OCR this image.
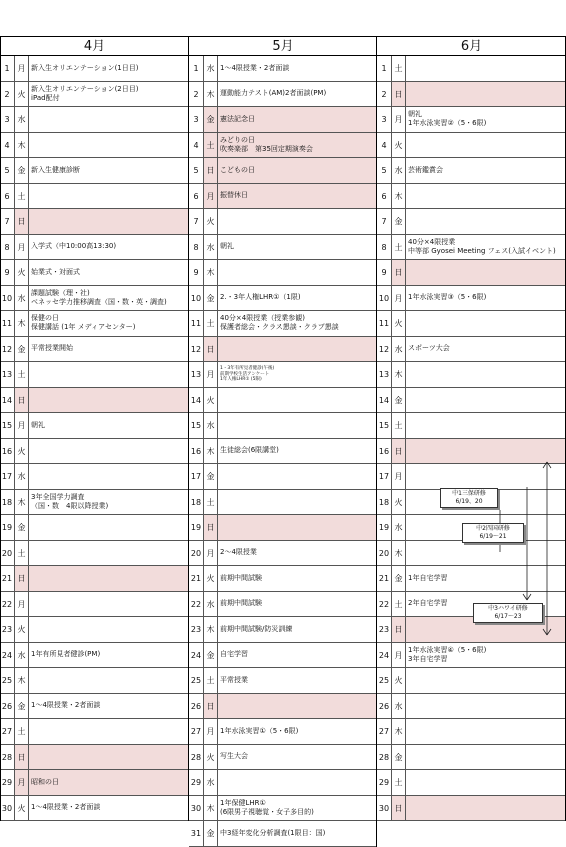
4月
1 月 新入生オリエンテーション(1日目)
2 火
新入生オリエンテーション(2日目)
iPad配付
3 水
4 木
5 金 新入生健康診断
6 土
7 日
8 月 入学式（中10:00高13:30)
9 火 始業式・対面式
10 水
課題試験（理・社)
ベネッセ学力推移調査（国・数・英・調査)
11 木
保健の日
保健講話 (1年 メディアセンター)
12 金 平常授業開始
13 土
14 日
15 月 朝礼
16 火
17 水
18 木
3年全国学力調査
（国・数　4限以降授業)
19 金
20 土
21 日
22 月
23 火
24 水 1年有所見者健診(PM)
25 木
26 金 1～4限授業・2者面談
27 土
28 日
29 月 昭和の日
30 火 1～4限授業・2者面談
5月
1 水 1～4限授業・2者面談
2 木 運動能力テスト(AM)2者面談(PM)
3 金 憲法記念日
4 土
みどりの日
吹奏楽部　第35回定期演奏会
5 日 こどもの日
6 月 振替休日
7 火
8 水 朝礼
9 木
10 金 2.・3年人権LHR①（1限)
11 土
40分×4限授業（授業参観)
保護者総会・クラス懇談・クラブ懇談
12 日
13 月
1・3年有所見者健診(午後)
前期学校生活アンケート
1年人権LHR① (5限)
14 火
15 水
16 木 生徒総会(6限講堂)
17 金
18 土
19 日
20 月 2～4限授業
21 火 前期中間試験
22 水 前期中間試験
23 木 前期中間試験/防災訓練
24 金 自宅学習
25 土 平常授業
26 日
27 月 1年水泳実習①（5・6限)
28 火 写生大会
29 水
30 木
1年保健LHR①
(6限男子視聴覚・女子多目的)
31 金 中3経年変化分析調査(1限目：国)
6月
1 土
2 日
3 月
朝礼
1年水泳実習②（5・6限)
4 火
5 水 芸術鑑賞会
6 木
7 金
8 土
40分×4限授業
中等部 Gyosei Meeting フェス(入試イベント)
9 日
10 月 1年水泳実習③（5・6限)
11 火
12 水 スポーツ大会
13 木
14 金
15 土
16 日
17 月
18 火
19 水
20 木
21 金 1年自宅学習
22 土 2年自宅学習
23 日
24 月
1年水泳実習④（5・6限)
3年自宅学習
25 火
26 水
27 木
28 金
29 土
30 日
中1三保研修
6/19、20
中2四国研修
6/19～21
中3ハワイ研修
6/17～23
